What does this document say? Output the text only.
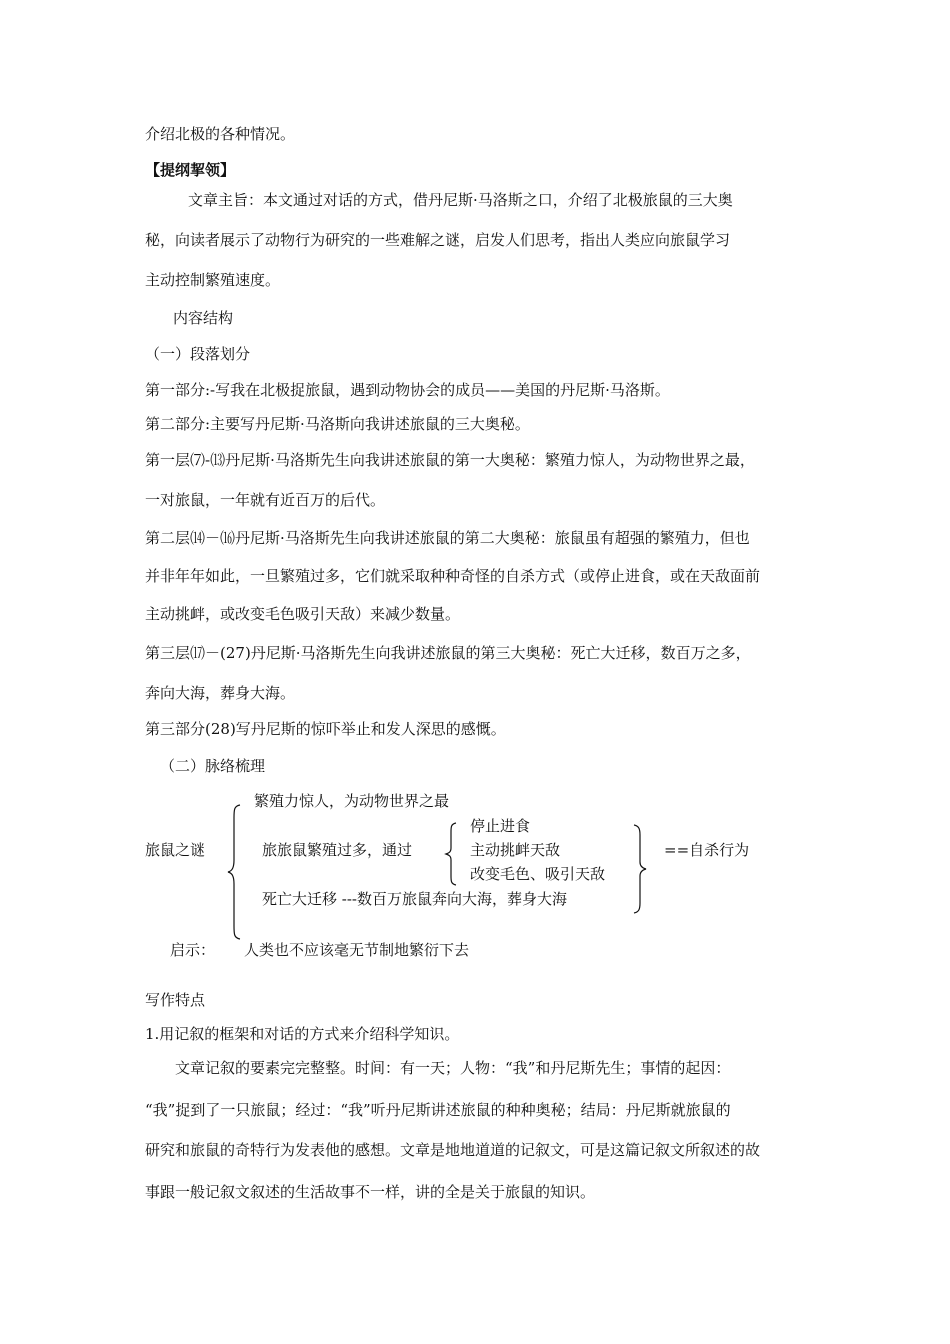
介绍北极的各种情况。
【提纲挈领】
文章主旨：本文通过对话的方式，借丹尼斯·马洛斯之口，介绍了北极旅鼠的三大奥
秘，向读者展示了动物行为研究的一些难解之谜，启发人们思考，指出人类应向旅鼠学习
主动控制繁殖速度。
内容结构
（一）段落划分
第一部分:-写我在北极捉旅鼠，遇到动物协会的成员——美国的丹尼斯·马洛斯。
第二部分:主要写丹尼斯·马洛斯向我讲述旅鼠的三大奥秘。
第一层⑺-⒀丹尼斯·马洛斯先生向我讲述旅鼠的第一大奥秘：繁殖力惊人，为动物世界之最，
一对旅鼠，一年就有近百万的后代。
第二层⒁－⒃丹尼斯·马洛斯先生向我讲述旅鼠的第二大奥秘：旅鼠虽有超强的繁殖力，但也
并非年年如此，一旦繁殖过多，它们就采取种种奇怪的自杀方式（或停止进食，或在天敌面前
主动挑衅，或改变毛色吸引天敌）来减少数量。
第三层⒄－(27)丹尼斯·马洛斯先生向我讲述旅鼠的第三大奥秘：死亡大迁移，数百万之多，
奔向大海，葬身大海。
第三部分(28)写丹尼斯的惊吓举止和发人深思的感慨。
（二）脉络梳理
旅鼠之谜
繁殖力惊人，为动物世界之最
旅旅鼠繁殖过多，通过
停止进食
主动挑衅天敌
改变毛色、吸引天敌
==自杀行为
死亡大迁移 ---数百万旅鼠奔向大海，葬身大海
启示： 人类也不应该毫无节制地繁衍下去
写作特点
1.用记叙的框架和对话的方式来介绍科学知识。
文章记叙的要素完完整整。时间：有一天；人物：“我”和丹尼斯先生；事情的起因：
“我”捉到了一只旅鼠；经过：“我”听丹尼斯讲述旅鼠的种种奥秘；结局：丹尼斯就旅鼠的
研究和旅鼠的奇特行为发表他的感想。文章是地地道道的记叙文，可是这篇记叙文所叙述的故
事跟一般记叙文叙述的生活故事不一样，讲的全是关于旅鼠的知识。
